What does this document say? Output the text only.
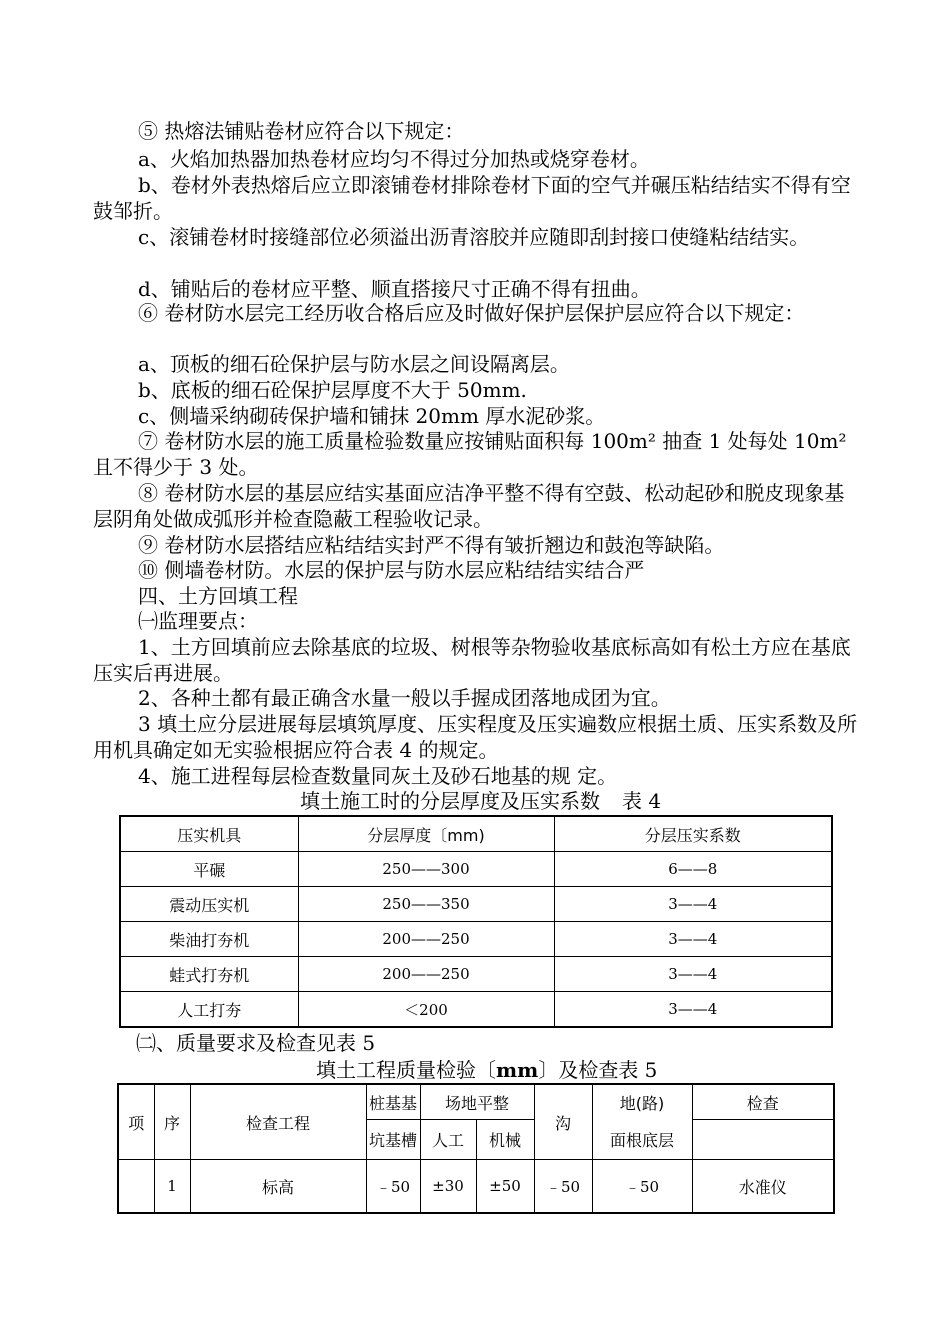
⑤ 热熔法铺贴卷材应符合以下规定：

a、火焰加热器加热卷材应均匀不得过分加热或烧穿卷材。

b、卷材外表热熔后应立即滚铺卷材排除卷材下面的空气并碾压粘结结实不得有空鼓邹折。

c、滚铺卷材时接缝部位必须溢出沥青溶胶并应随即刮封接口使缝粘结结实。

d、铺贴后的卷材应平整、顺直搭接尺寸正确不得有扭曲。

⑥ 卷材防水层完工经历收合格后应及时做好保护层保护层应符合以下规定：

a、顶板的细石砼保护层与防水层之间设隔离层。

b、底板的细石砼保护层厚度不大于 50mm.

c、侧墙采纳砌砖保护墙和铺抹 20mm 厚水泥砂浆。

⑦ 卷材防水层的施工质量检验数量应按铺贴面积每 100m² 抽查 1 处每处 10m² 且不得少于 3 处。

⑧ 卷材防水层的基层应结实基面应洁净平整不得有空鼓、松动起砂和脱皮现象基层阴角处做成弧形并检查隐蔽工程验收记录。

⑨ 卷材防水层搭结应粘结结实封严不得有皱折翘边和鼓泡等缺陷。

⑩ 侧墙卷材防。水层的保护层与防水层应粘结结实结合严

四、土方回填工程

㈠监理要点：

1、土方回填前应去除基底的垃圾、树根等杂物验收基底标高如有松土方应在基底压实后再进展。

2、各种土都有最正确含水量一般以手握成团落地成团为宜。

3 填土应分层进展每层填筑厚度、压实程度及压实遍数应根据土质、压实系数及所用机具确定如无实验根据应符合表 4 的规定。

4、施工进程每层检查数量同灰土及砂石地基的规 定。

填土施工时的分层厚度及压实系数 表 4
压实机具	分层厚度〔mm)	分层压实系数
平碾	250——300	6——8
震动压实机	250——350	3——4
柴油打夯机	200——250	3——4
蛙式打夯机	200——250	3——4
人工打夯	＜200	3——4
㈡、质量要求及检查见表 5
填土工程质量检验〔mm〕及检查表 5
项	序	检查工程	桩基基	场地平整		沟	地(路)	检查
			坑基槽	人工	机械		面根底层	
	1	标高	﹣50	±30	±50	﹣50	﹣50	水准仪
